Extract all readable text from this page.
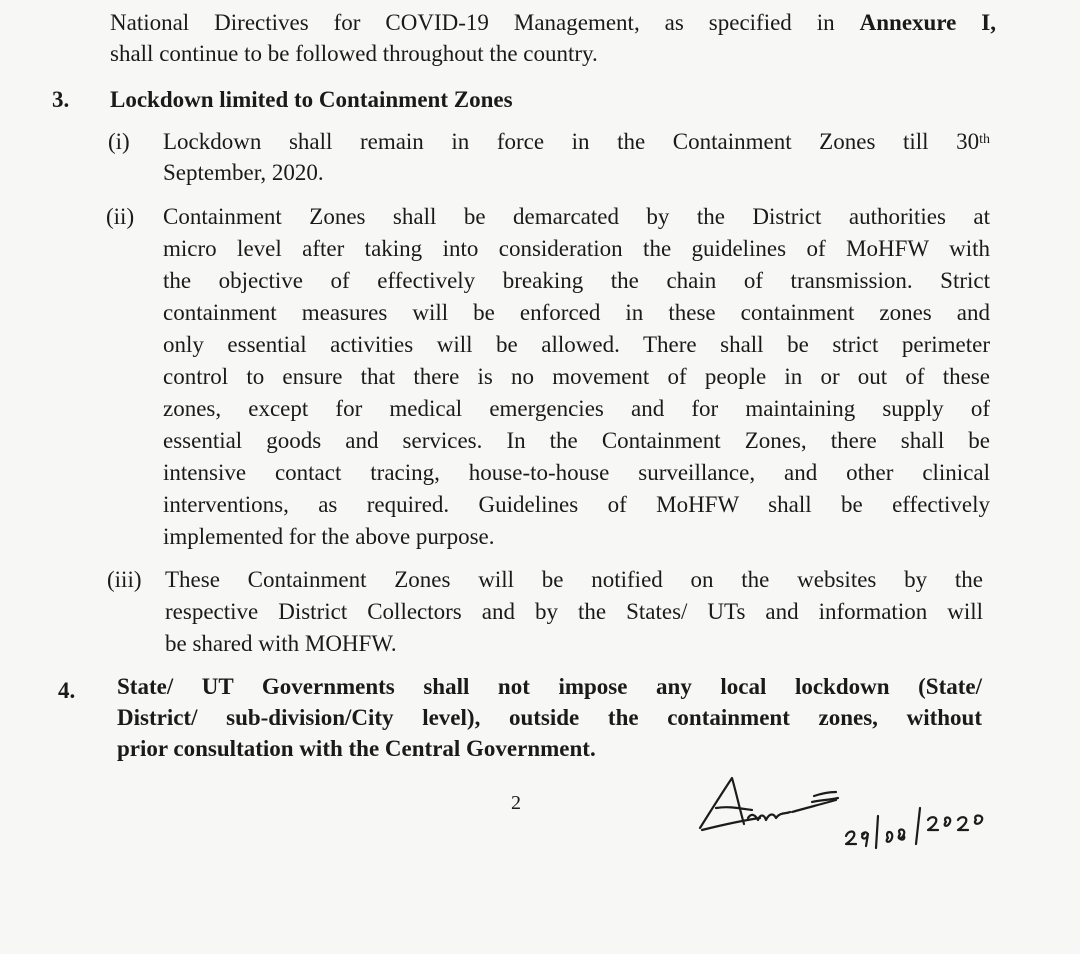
National Directives for COVID-19 Management, as specified in Annexure I,

shall continue to be followed throughout the country.

3. Lockdown limited to Containment Zones

(i) Lockdown shall remain in force in the Containment Zones till 30th

September, 2020.

(ii) Containment Zones shall be demarcated by the District authorities at

micro level after taking into consideration the guidelines of MoHFW with

the objective of effectively breaking the chain of transmission. Strict

containment measures will be enforced in these containment zones and

only essential activities will be allowed. There shall be strict perimeter

control to ensure that there is no movement of people in or out of these

zones, except for medical emergencies and for maintaining supply of

essential goods and services. In the Containment Zones, there shall be

intensive contact tracing, house-to-house surveillance, and other clinical

interventions, as required. Guidelines of MoHFW shall be effectively

implemented for the above purpose.

(iii) These Containment Zones will be notified on the websites by the

respective District Collectors and by the States/ UTs and information will

be shared with MOHFW.

4. State/ UT Governments shall not impose any local lockdown (State/

District/ sub-division/City level), outside the containment zones, without

prior consultation with the Central Government.

2
